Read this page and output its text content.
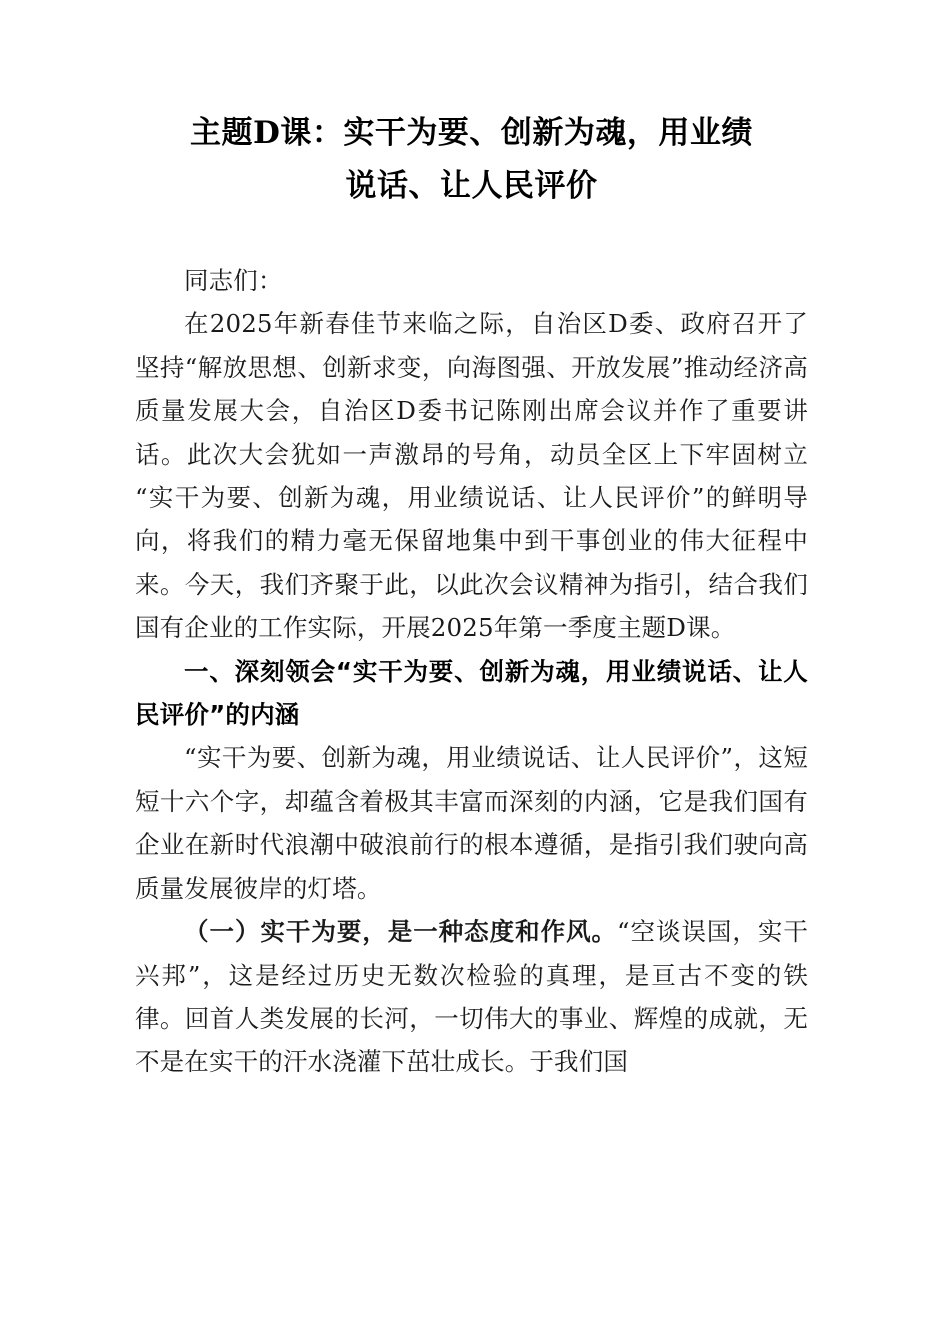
主题D课：实干为要、创新为魂，用业绩
说话、让人民评价

同志们：

在2025年新春佳节来临之际，自治区D委、政府召开了坚持“解放思想、创新求变，向海图强、开放发展”推动经济高质量发展大会，自治区D委书记陈刚出席会议并作了重要讲话。此次大会犹如一声激昂的号角，动员全区上下牢固树立“实干为要、创新为魂，用业绩说话、让人民评价”的鲜明导向，将我们的精力毫无保留地集中到干事创业的伟大征程中来。今天，我们齐聚于此，以此次会议精神为指引，结合我们国有企业的工作实际，开展2025年第一季度主题D课。

一、深刻领会“实干为要、创新为魂，用业绩说话、让人民评价”的内涵

“实干为要、创新为魂，用业绩说话、让人民评价”，这短短十六个字，却蕴含着极其丰富而深刻的内涵，它是我们国有企业在新时代浪潮中破浪前行的根本遵循，是指引我们驶向高质量发展彼岸的灯塔。

（一）实干为要，是一种态度和作风。“空谈误国，实干兴邦”，这是经过历史无数次检验的真理，是亘古不变的铁律。回首人类发展的长河，一切伟大的事业、辉煌的成就，无不是在实干的汗水浇灌下茁壮成长。于我们国
